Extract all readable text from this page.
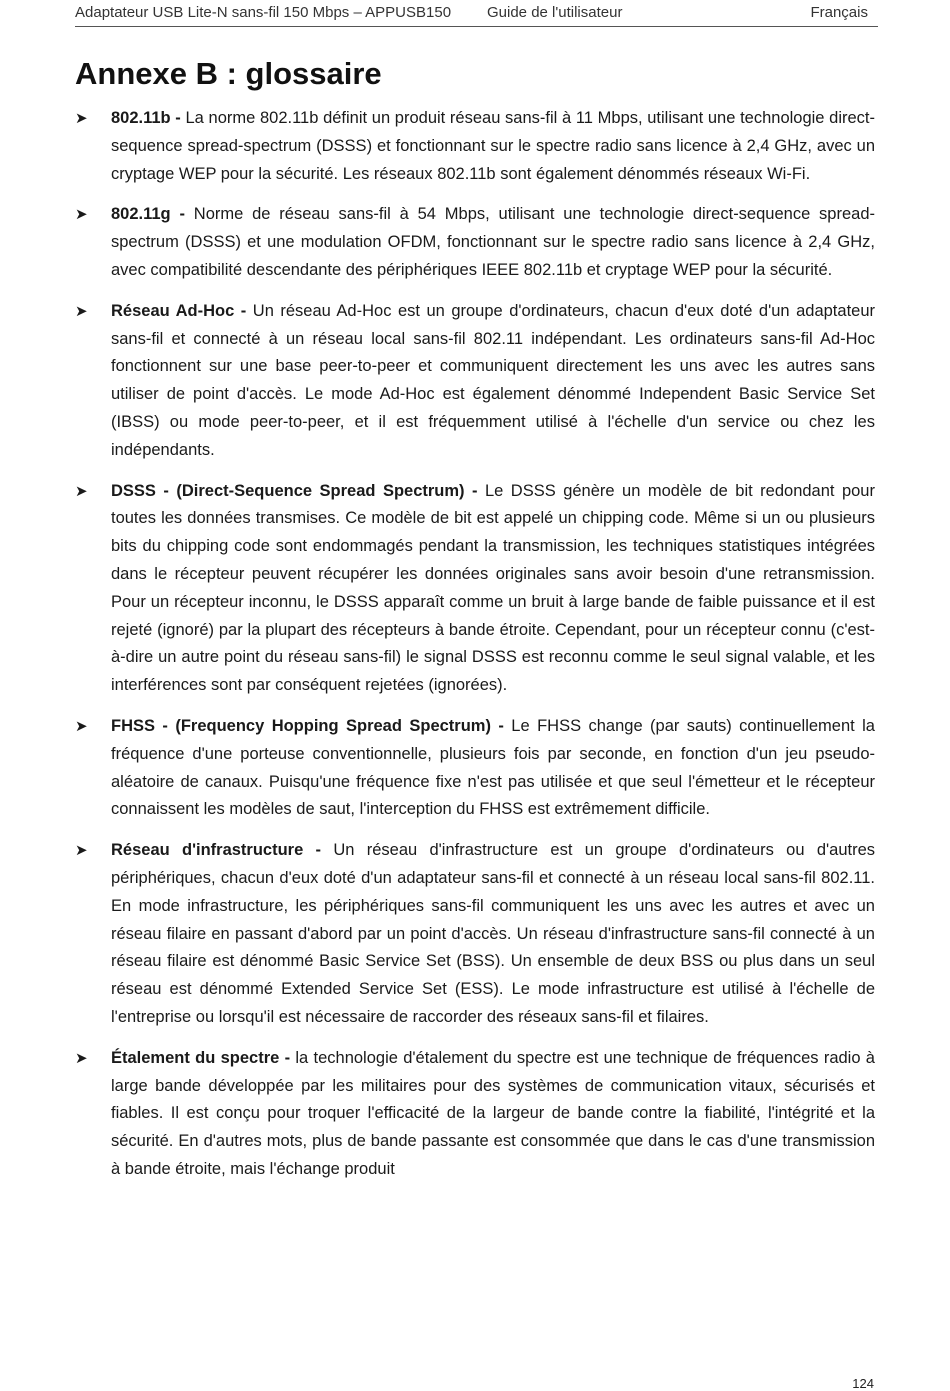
Adaptateur USB Lite-N sans-fil 150 Mbps – APPUSB150 Guide de l'utilisateur	Français
Annexe B : glossaire
➤	802.11b - La norme 802.11b définit un produit réseau sans-fil à 11 Mbps, utilisant une technologie direct-sequence spread-spectrum (DSSS) et fonctionnant sur le spectre radio sans licence à 2,4 GHz, avec un cryptage WEP pour la sécurité. Les réseaux 802.11b sont également dénommés réseaux Wi-Fi.
➤	802.11g - Norme de réseau sans-fil à 54 Mbps, utilisant une technologie direct-sequence spread-spectrum (DSSS) et une modulation OFDM, fonctionnant sur le spectre radio sans licence à 2,4 GHz, avec compatibilité descendante des périphériques IEEE 802.11b et cryptage WEP pour la sécurité.
➤	Réseau Ad-Hoc - Un réseau Ad-Hoc est un groupe d'ordinateurs, chacun d'eux doté d'un adaptateur sans-fil et connecté à un réseau local sans-fil 802.11 indépendant. Les ordinateurs sans-fil Ad-Hoc fonctionnent sur une base peer-to-peer et communiquent directement les uns avec les autres sans utiliser de point d'accès. Le mode Ad-Hoc est également dénommé Independent Basic Service Set (IBSS) ou mode peer-to-peer, et il est fréquemment utilisé à l'échelle d'un service ou chez les indépendants.
➤	DSSS - (Direct-Sequence Spread Spectrum) - Le DSSS génère un modèle de bit redondant pour toutes les données transmises. Ce modèle de bit est appelé un chipping code. Même si un ou plusieurs bits du chipping code sont endommagés pendant la transmission, les techniques statistiques intégrées dans le récepteur peuvent récupérer les données originales sans avoir besoin d'une retransmission. Pour un récepteur inconnu, le DSSS apparaît comme un bruit à large bande de faible puissance et il est rejeté (ignoré) par la plupart des récepteurs à bande étroite. Cependant, pour un récepteur connu (c'est-à-dire un autre point du réseau sans-fil) le signal DSSS est reconnu comme le seul signal valable, et les interférences sont par conséquent rejetées (ignorées).
➤	FHSS - (Frequency Hopping Spread Spectrum) - Le FHSS change (par sauts) continuellement la fréquence d'une porteuse conventionnelle, plusieurs fois par seconde, en fonction d'un jeu pseudo-aléatoire de canaux. Puisqu'une fréquence fixe n'est pas utilisée et que seul l'émetteur et le récepteur connaissent les modèles de saut, l'interception du FHSS est extrêmement difficile.
➤	Réseau d'infrastructure - Un réseau d'infrastructure est un groupe d'ordinateurs ou d'autres périphériques, chacun d'eux doté d'un adaptateur sans-fil et connecté à un réseau local sans-fil 802.11. En mode infrastructure, les périphériques sans-fil communiquent les uns avec les autres et avec un réseau filaire en passant d'abord par un point d'accès. Un réseau d'infrastructure sans-fil connecté à un réseau filaire est dénommé Basic Service Set (BSS). Un ensemble de deux BSS ou plus dans un seul réseau est dénommé Extended Service Set (ESS). Le mode infrastructure est utilisé à l'échelle de l'entreprise ou lorsqu'il est nécessaire de raccorder des réseaux sans-fil et filaires.
➤	Étalement du spectre - la technologie d'étalement du spectre est une technique de fréquences radio à large bande développée par les militaires pour des systèmes de communication vitaux, sécurisés et fiables. Il est conçu pour troquer l'efficacité de la largeur de bande contre la fiabilité, l'intégrité et la sécurité. En d'autres mots, plus de bande passante est consommée que dans le cas d'une transmission à bande étroite, mais l'échange produit
124
